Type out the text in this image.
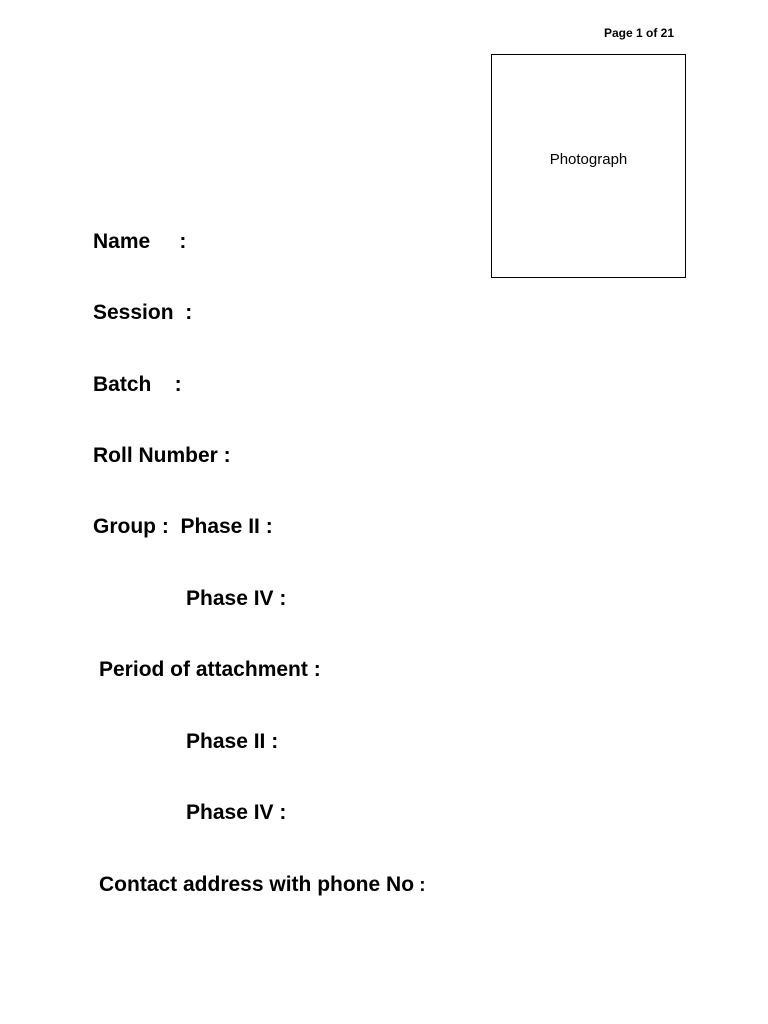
Page 1 of 21
Photograph
Name     :
Session  :
Batch    :
Roll Number :
Group :  Phase II :
Phase IV :
Period of attachment :
Phase II :
Phase IV :
Contact address with phone No :
